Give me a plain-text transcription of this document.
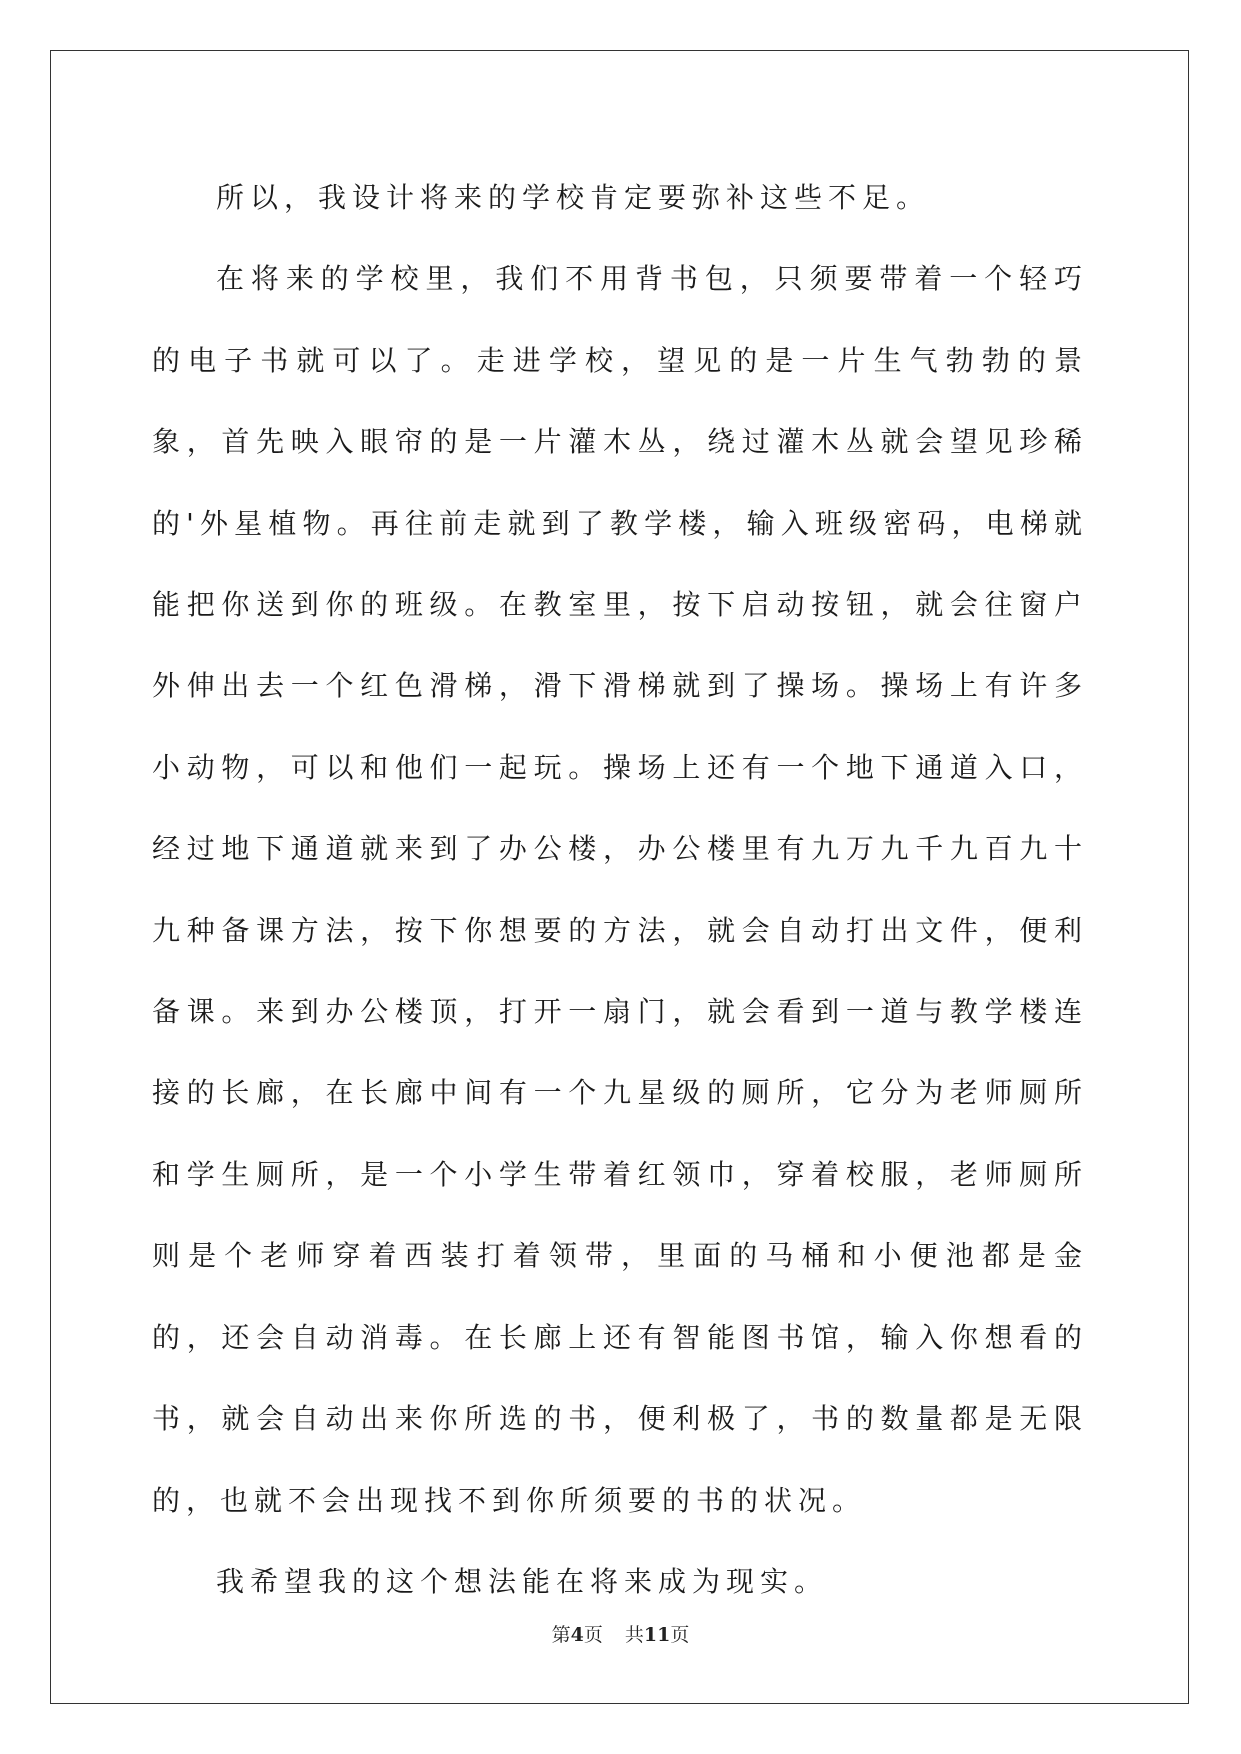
所以，我设计将来的学校肯定要弥补这些不足。

在将来的学校里，我们不用背书包，只须要带着一个轻巧的电子书就可以了。走进学校，望见的是一片生气勃勃的景象，首先映入眼帘的是一片灌木丛，绕过灌木丛就会望见珍稀的'外星植物。再往前走就到了教学楼，输入班级密码，电梯就能把你送到你的班级。在教室里，按下启动按钮，就会往窗户外伸出去一个红色滑梯，滑下滑梯就到了操场。操场上有许多小动物，可以和他们一起玩。操场上还有一个地下通道入口，经过地下通道就来到了办公楼，办公楼里有九万九千九百九十九种备课方法，按下你想要的方法，就会自动打出文件，便利备课。来到办公楼顶，打开一扇门，就会看到一道与教学楼连接的长廊，在长廊中间有一个九星级的厕所，它分为老师厕所和学生厕所，是一个小学生带着红领巾，穿着校服，老师厕所则是个老师穿着西装打着领带，里面的马桶和小便池都是金的，还会自动消毒。在长廊上还有智能图书馆，输入你想看的书，就会自动出来你所选的书，便利极了，书的数量都是无限的，也就不会出现找不到你所须要的书的状况。

我希望我的这个想法能在将来成为现实。

第4页 共11页
